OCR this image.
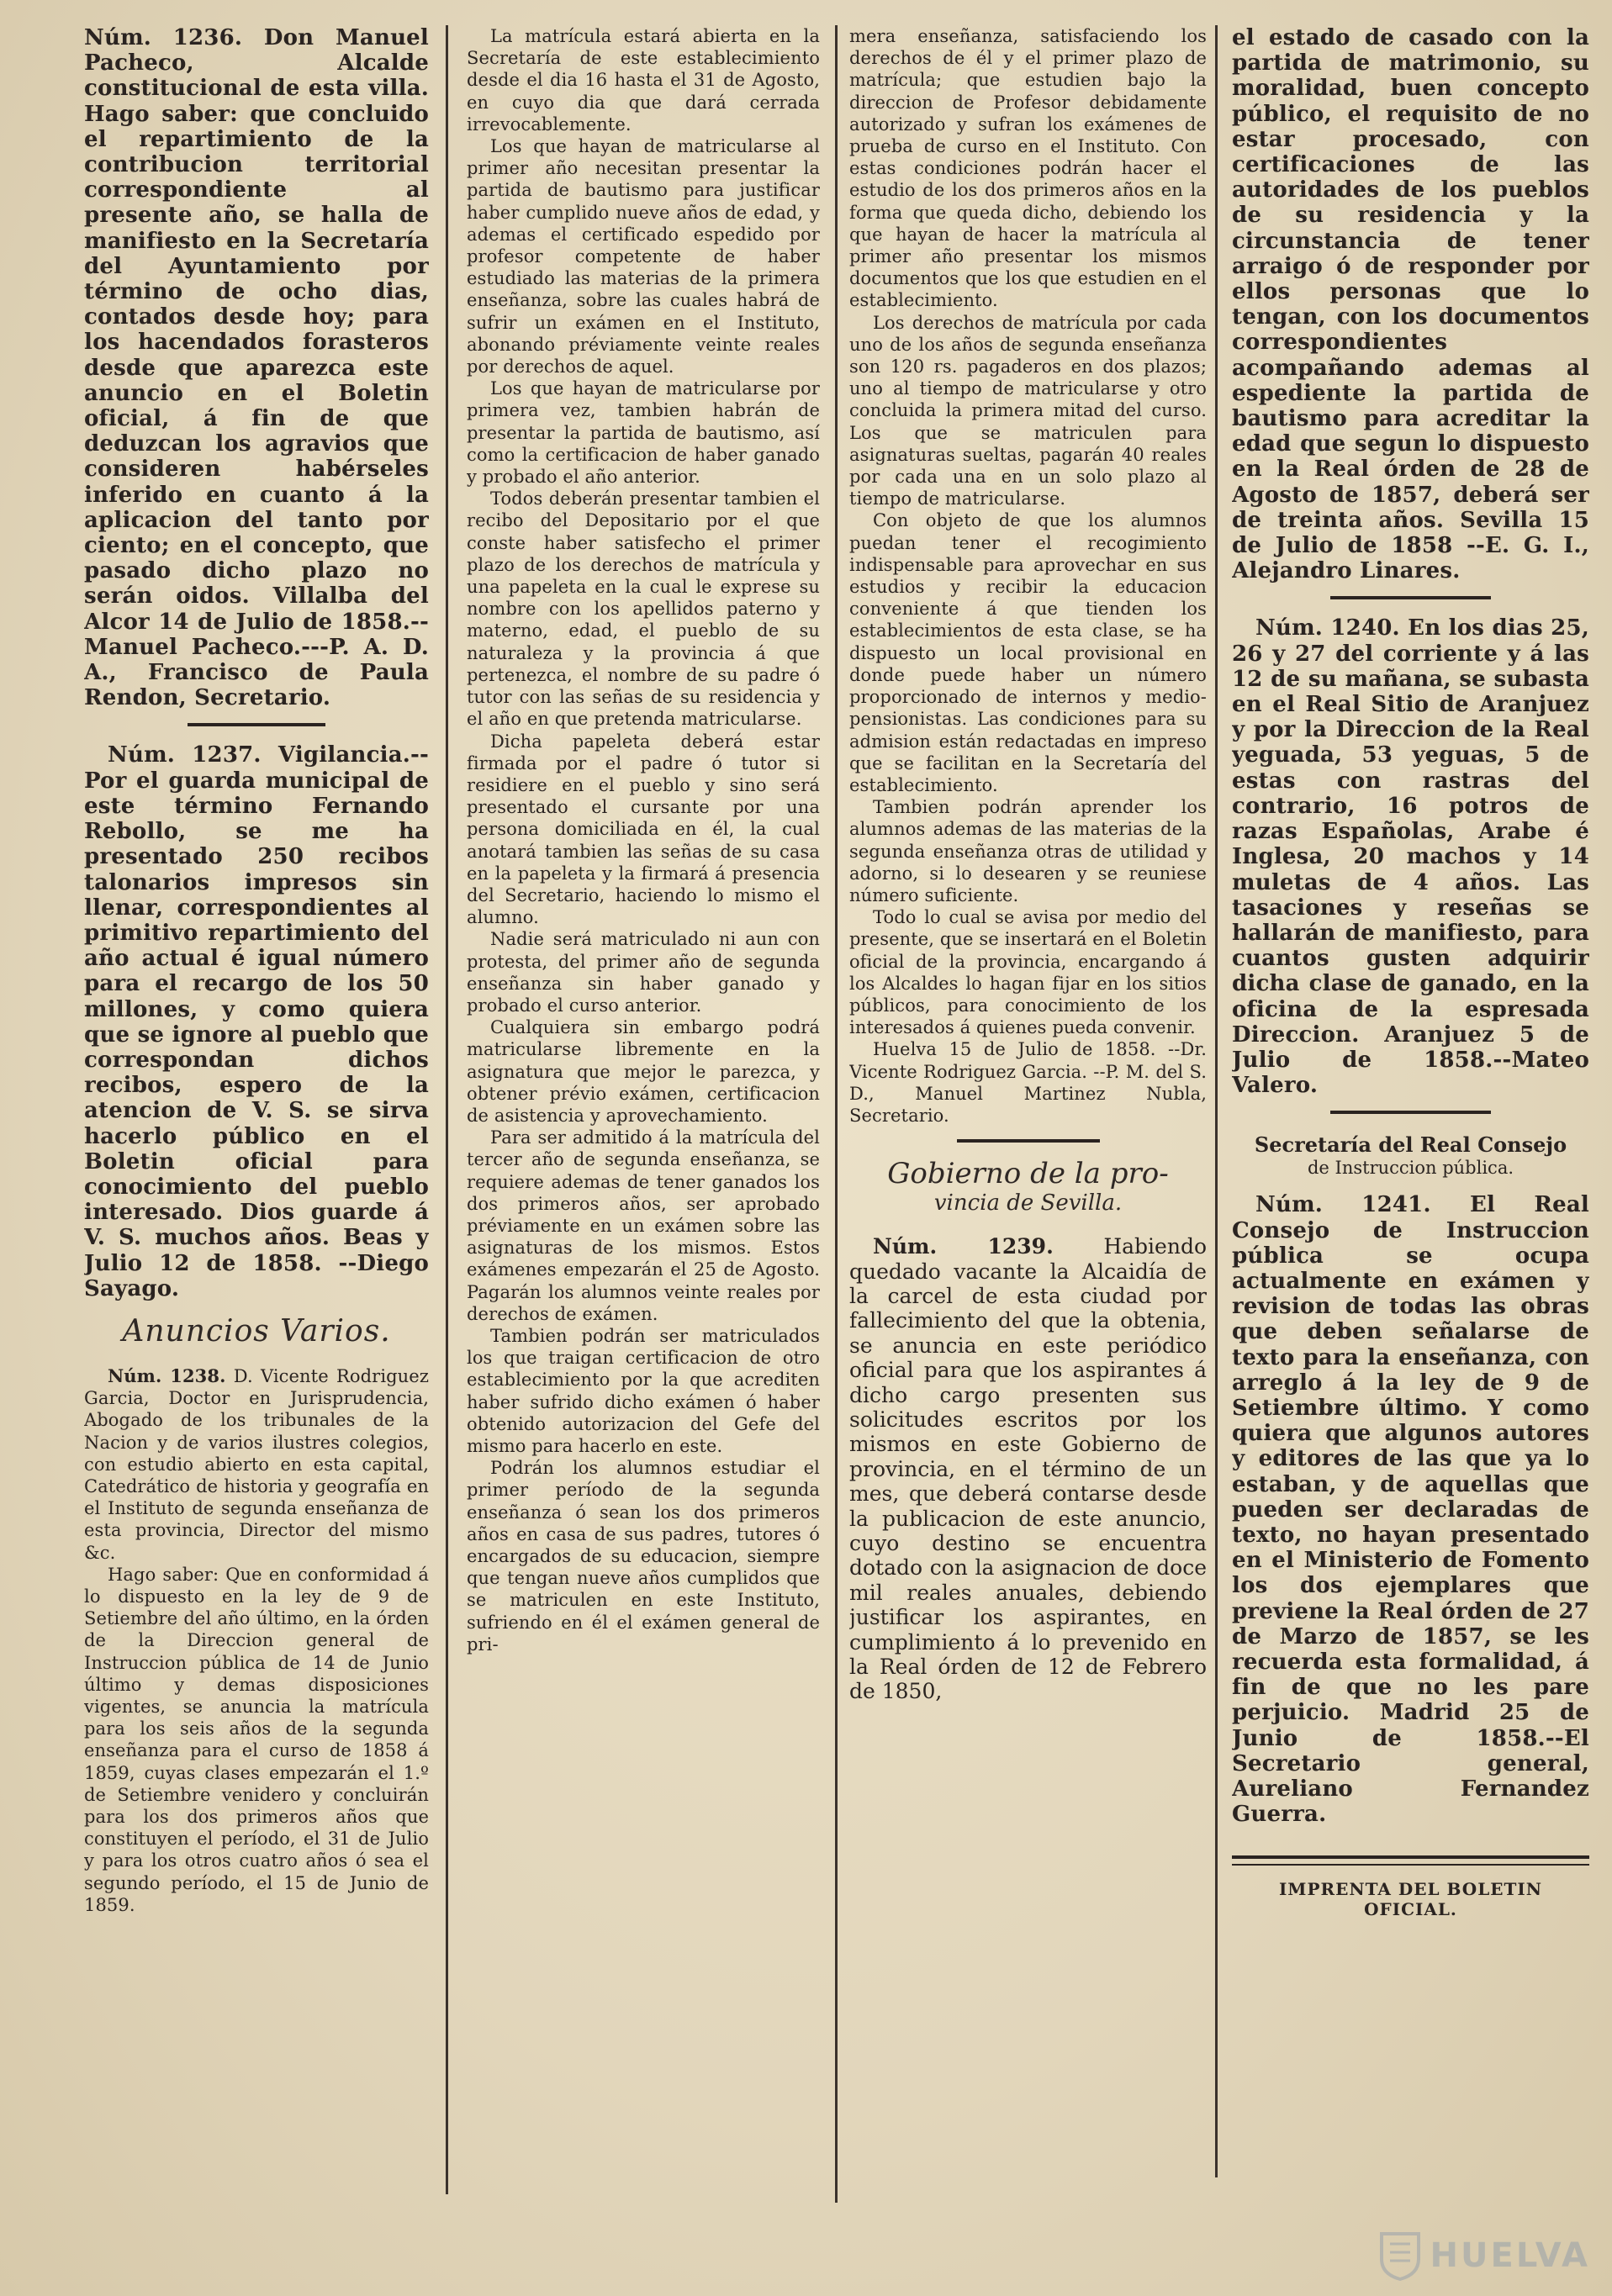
Núm. 1236. Don Manuel Pacheco, Alcalde constitucional de esta villa. Hago saber: que concluido el repartimiento de la contribucion territorial correspondiente al presente año, se halla de manifiesto en la Secretaría del Ayuntamiento por término de ocho dias, contados desde hoy; para los hacendados forasteros desde que aparezca este anuncio en el Boletin oficial, á fin de que deduzcan los agravios que consideren habérseles inferido en cuanto á la aplicacion del tanto por ciento; en el concepto, que pasado dicho plazo no serán oidos. Villalba del Alcor 14 de Julio de 1858.--Manuel Pacheco.---P. A. D. A., Francisco de Paula Rendon, Secretario.

Núm. 1237. Vigilancia.-- Por el guarda municipal de este término Fernando Rebollo, se me ha presentado 250 recibos talonarios impresos sin llenar, correspondientes al primitivo repartimiento del año actual é igual número para el recargo de los 50 millones, y como quiera que se ignore al pueblo que correspondan dichos recibos, espero de la atencion de V. S. se sirva hacerlo público en el Boletin oficial para conocimiento del pueblo interesado. Dios guarde á V. S. muchos años. Beas y Julio 12 de 1858. --Diego Sayago.

Anuncios Varios.

Núm. 1238. D. Vicente Rodriguez Garcia, Doctor en Jurisprudencia, Abogado de los tribunales de la Nacion y de varios ilustres colegios, con estudio abierto en esta capital, Catedrático de historia y geografía en el Instituto de segunda enseñanza de esta provincia, Director del mismo &c.

Hago saber: Que en conformidad á lo dispuesto en la ley de 9 de Setiembre del año último, en la órden de la Direccion general de Instruccion pública de 14 de Junio último y demas disposiciones vigentes, se anuncia la matrícula para los seis años de la segunda enseñanza para el curso de 1858 á 1859, cuyas clases empezarán el 1.º de Setiembre venidero y concluirán para los dos primeros años que constituyen el período, el 31 de Julio y para los otros cuatro años ó sea el segundo período, el 15 de Junio de 1859.

La matrícula estará abierta en la Secretaría de este establecimiento desde el dia 16 hasta el 31 de Agosto, en cuyo dia que dará cerrada irrevocablemente.

Los que hayan de matricularse al primer año necesitan presentar la partida de bautismo para justificar haber cumplido nueve años de edad, y ademas el certificado espedido por profesor competente de haber estudiado las materias de la primera enseñanza, sobre las cuales habrá de sufrir un exámen en el Instituto, abonando préviamente veinte reales por derechos de aquel.

Los que hayan de matricularse por primera vez, tambien habrán de presentar la partida de bautismo, así como la certificacion de haber ganado y probado el año anterior.

Todos deberán presentar tambien el recibo del Depositario por el que conste haber satisfecho el primer plazo de los derechos de matrícula y una papeleta en la cual le exprese su nombre con los apellidos paterno y materno, edad, el pueblo de su naturaleza y la provincia á que pertenezca, el nombre de su padre ó tutor con las señas de su residencia y el año en que pretenda matricularse.

Dicha papeleta deberá estar firmada por el padre ó tutor si residiere en el pueblo y sino será presentado el cursante por una persona domiciliada en él, la cual anotará tambien las señas de su casa en la papeleta y la firmará á presencia del Secretario, haciendo lo mismo el alumno.

Nadie será matriculado ni aun con protesta, del primer año de segunda enseñanza sin haber ganado y probado el curso anterior.

Cualquiera sin embargo podrá matricularse libremente en la asignatura que mejor le parezca, y obtener prévio exámen, certificacion de asistencia y aprovechamiento.

Para ser admitido á la matrícula del tercer año de segunda enseñanza, se requiere ademas de tener ganados los dos primeros años, ser aprobado préviamente en un exámen sobre las asignaturas de los mismos. Estos exámenes empezarán el 25 de Agosto. Pagarán los alumnos veinte reales por derechos de exámen.

Tambien podrán ser matriculados los que traigan certificacion de otro establecimiento por la que acrediten haber sufrido dicho exámen ó haber obtenido autorizacion del Gefe del mismo para hacerlo en este.

Podrán los alumnos estudiar el primer período de la segunda enseñanza ó sean los dos primeros años en casa de sus padres, tutores ó encargados de su educacion, siempre que tengan nueve años cumplidos que se matriculen en este Instituto, sufriendo en él el exámen general de pri-

mera enseñanza, satisfaciendo los derechos de él y el primer plazo de matrícula; que estudien bajo la direccion de Profesor debidamente autorizado y sufran los exámenes de prueba de curso en el Instituto. Con estas condiciones podrán hacer el estudio de los dos primeros años en la forma que queda dicho, debiendo los que hayan de hacer la matrícula al primer año presentar los mismos documentos que los que estudien en el establecimiento.

Los derechos de matrícula por cada uno de los años de segunda enseñanza son 120 rs. pagaderos en dos plazos; uno al tiempo de matricularse y otro concluida la primera mitad del curso. Los que se matriculen para asignaturas sueltas, pagarán 40 reales por cada una en un solo plazo al tiempo de matricularse.

Con objeto de que los alumnos puedan tener el recogimiento indispensable para aprovechar en sus estudios y recibir la educacion conveniente á que tienden los establecimientos de esta clase, se ha dispuesto un local provisional en donde puede haber un número proporcionado de internos y medio-pensionistas. Las condiciones para su admision están redactadas en impreso que se facilitan en la Secretaría del establecimiento.

Tambien podrán aprender los alumnos ademas de las materias de la segunda enseñanza otras de utilidad y adorno, si lo desearen y se reuniese número suficiente.

Todo lo cual se avisa por medio del presente, que se insertará en el Boletin oficial de la provincia, encargando á los Alcaldes lo hagan fijar en los sitios públicos, para conocimiento de los interesados á quienes pueda convenir.

Huelva 15 de Julio de 1858. --Dr. Vicente Rodriguez Garcia. --P. M. del S. D., Manuel Martinez Nubla, Secretario.

Gobierno de la pro-
vincia de Sevilla.

Núm. 1239. Habiendo quedado vacante la Alcaidía de la carcel de esta ciudad por fallecimiento del que la obtenia, se anuncia en este periódico oficial para que los aspirantes á dicho cargo presenten sus solicitudes escritos por los mismos en este Gobierno de provincia, en el término de un mes, que deberá contarse desde la publicacion de este anuncio, cuyo destino se encuentra dotado con la asignacion de doce mil reales anuales, debiendo justificar los aspirantes, en cumplimiento á lo prevenido en la Real órden de 12 de Febrero de 1850,

el estado de casado con la partida de matrimonio, su moralidad, buen concepto público, el requisito de no estar procesado, con certificaciones de las autoridades de los pueblos de su residencia y la circunstancia de tener arraigo ó de responder por ellos personas que lo tengan, con los documentos correspondientes acompañando ademas al espediente la partida de bautismo para acreditar la edad que segun lo dispuesto en la Real órden de 28 de Agosto de 1857, deberá ser de treinta años. Sevilla 15 de Julio de 1858 --E. G. I., Alejandro Linares.

Núm. 1240. En los dias 25, 26 y 27 del corriente y á las 12 de su mañana, se subasta en el Real Sitio de Aranjuez y por la Direccion de la Real yeguada, 53 yeguas, 5 de estas con rastras del contrario, 16 potros de razas Españolas, Arabe é Inglesa, 20 machos y 14 muletas de 4 años. Las tasaciones y reseñas se hallarán de manifiesto, para cuantos gusten adquirir dicha clase de ganado, en la oficina de la espresada Direccion. Aranjuez 5 de Julio de 1858.--Mateo Valero.

Secretaría del Real Consejo
de Instruccion pública.

Núm. 1241. El Real Consejo de Instruccion pública se ocupa actualmente en exámen y revision de todas las obras que deben señalarse de texto para la enseñanza, con arreglo á la ley de 9 de Setiembre último. Y como quiera que algunos autores y editores de las que ya lo estaban, y de aquellas que pueden ser declaradas de texto, no hayan presentado en el Ministerio de Fomento los dos ejemplares que previene la Real órden de 27 de Marzo de 1857, se les recuerda esta formalidad, á fin de que no les pare perjuicio. Madrid 25 de Junio de 1858.--El Secretario general, Aureliano Fernandez Guerra.

IMPRENTA DEL BOLETIN OFICIAL.
HUELVA
